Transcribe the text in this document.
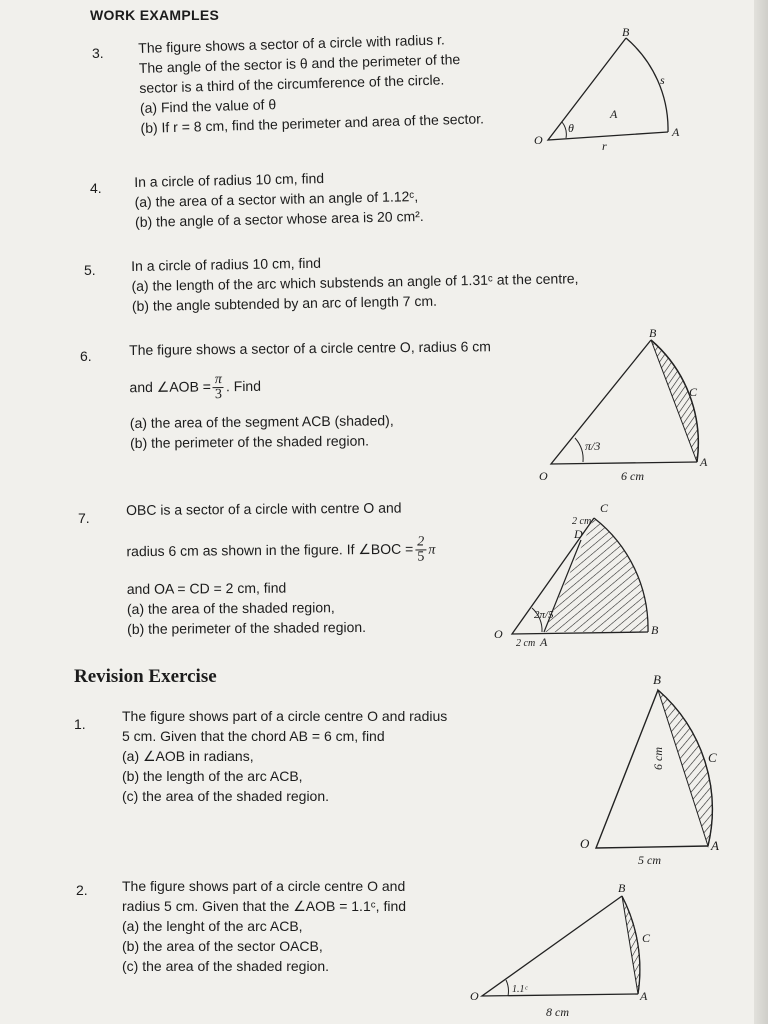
WORK EXAMPLES
3. The figure shows a sector of a circle with radius r.
The angle of the sector is θ and the perimeter of the
sector is a third of the circumference of the circle.
(a) Find the value of θ
(b) If r = 8 cm, find the perimeter and area of the sector.
O
A
B
s
r
θ
A
4. In a circle of radius 10 cm, find
(a) the area of a sector with an angle of 1.12ᶜ,
(b) the angle of a sector whose area is 20 cm².
5.	In a circle of radius 10 cm, find
(a) the length of the arc which substends an angle of 1.31ᶜ at the centre,
(b) the angle subtended by an arc of length 7 cm.
6.	The figure shows a sector of a circle centre O, radius 6 cm
and ∠AOB = $\frac{\pi}{3}$ . Find
(a) the area of the segment ACB (shaded),
(b) the perimeter of the shaded region.
O
A
B
C
π/3
6 cm
7.
OBC is a sector of a circle with centre O and
radius 6 cm as shown in the figure. If ∠BOC = $\frac{2}{5}$ π
and OA = CD = 2 cm, find
(a) the area of the shaded region,
(b) the perimeter of the shaded region.	O
A
B
C
D
2π/5
2 cm
2 cm
Revision Exercise
1.	The figure shows part of a circle centre O and radius
5 cm. Given that the chord AB = 6 cm, find
(a) ∠AOB in radians,
(b) the length of the arc ACB,
(c) the area of the shaded region.
O	A
B
C
6 cm
5 cm
2. The figure shows part of a circle centre O and
radius 5 cm. Given that the ∠AOB = 1.1ᶜ, find
(a) the lenght of the arc ACB,
(b) the area of the sector OACB,
(c) the area of the shaded region.
O	A
B
C
1.1ᶜ
8 cm
